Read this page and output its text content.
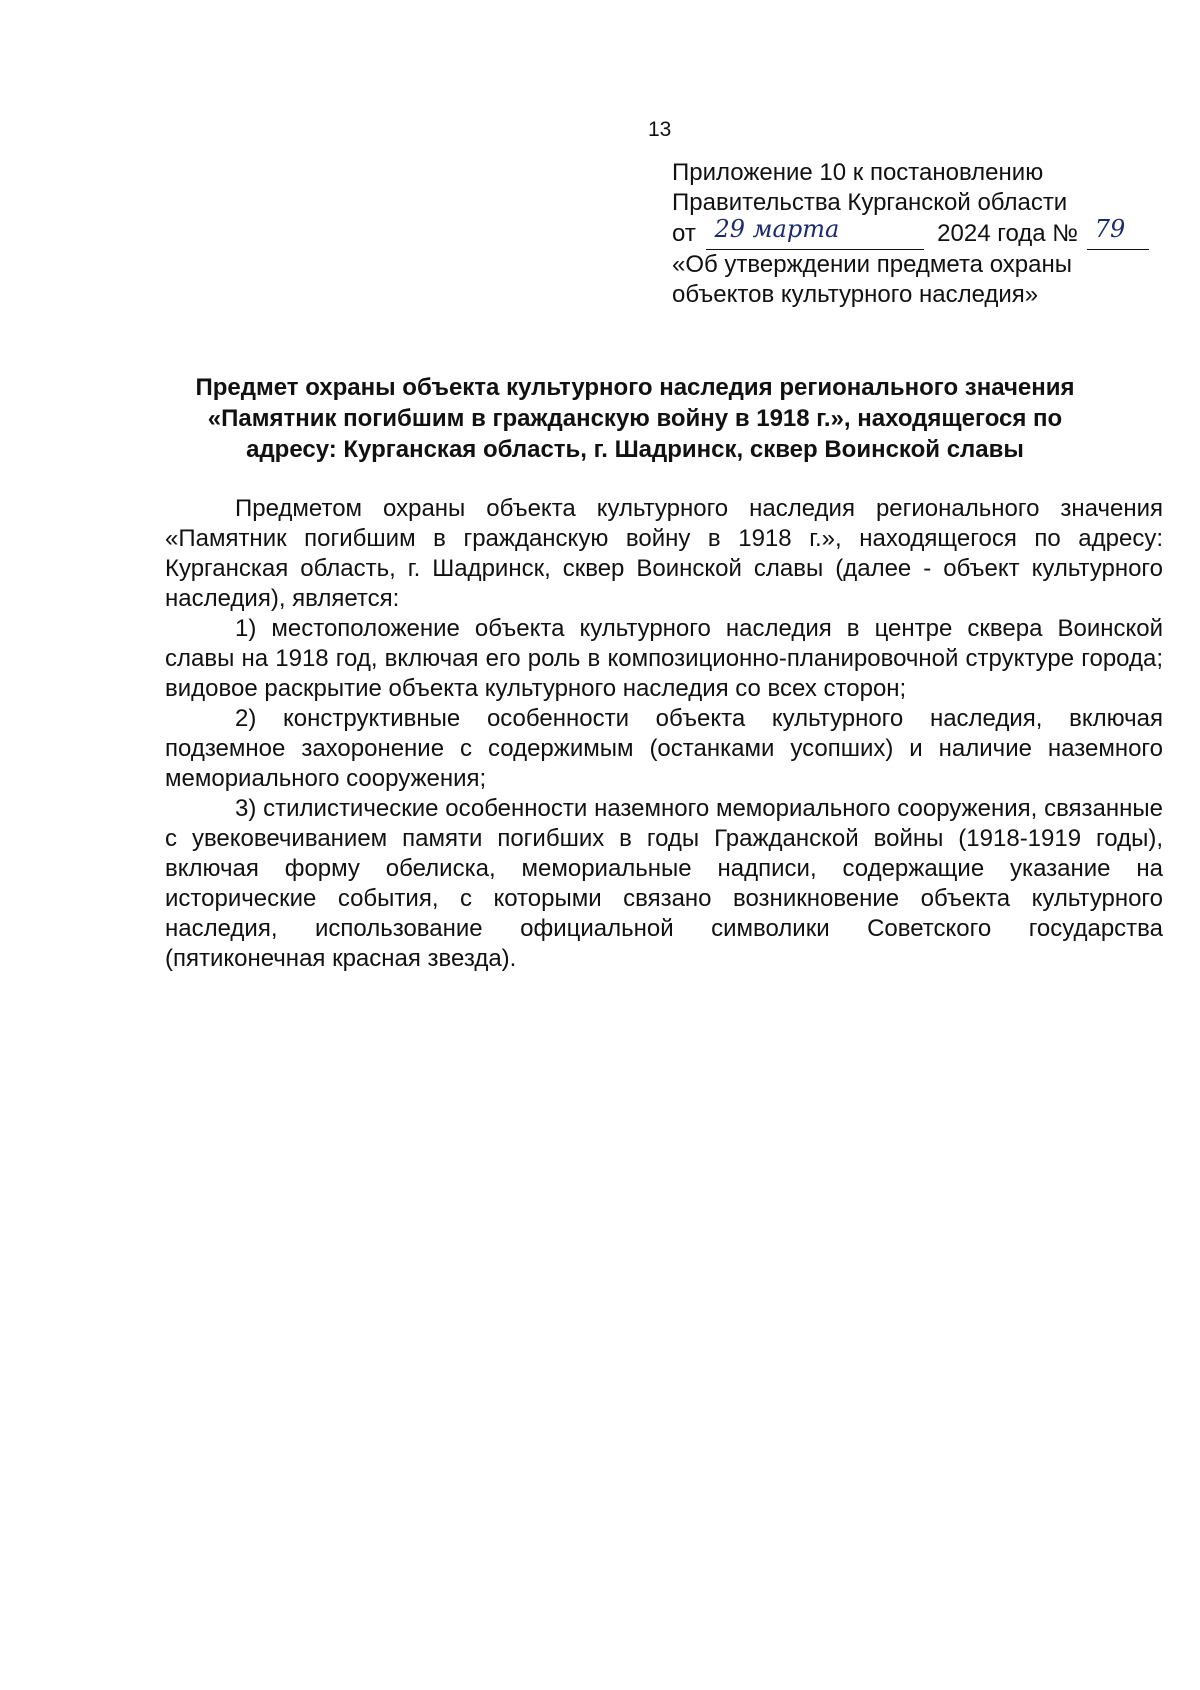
13
Приложение 10 к постановлению
Правительства Курганской области
от 29 марта	2024 года № 79
«Об утверждении предмета охраны
объектов культурного наследия»
Предмет охраны объекта культурного наследия регионального значения
«Памятник погибшим в гражданскую войну в 1918 г.», находящегося по
адресу: Курганская область, г. Шадринск, сквер Воинской славы

Предметом охраны объекта культурного наследия регионального значения «Памятник погибшим в гражданскую войну в 1918 г.», находящегося по адресу: Курганская область, г. Шадринск, сквер Воинской славы (далее - объект культурного наследия), является:

1) местоположение объекта культурного наследия в центре сквера Воинской славы на 1918 год, включая его роль в композиционно-планировочной структуре города; видовое раскрытие объекта культурного наследия со всех сторон;

2) конструктивные особенности объекта культурного наследия, включая подземное захоронение с содержимым (останками усопших) и наличие наземного мемориального сооружения;

3) стилистические особенности наземного мемориального сооружения, связанные с увековечиванием памяти погибших в годы Гражданской войны (1918-1919 годы), включая форму обелиска, мемориальные надписи, содержащие указание на исторические события, с которыми связано возникновение объекта культурного наследия, использование официальной символики Советского государства (пятиконечная красная звезда).
